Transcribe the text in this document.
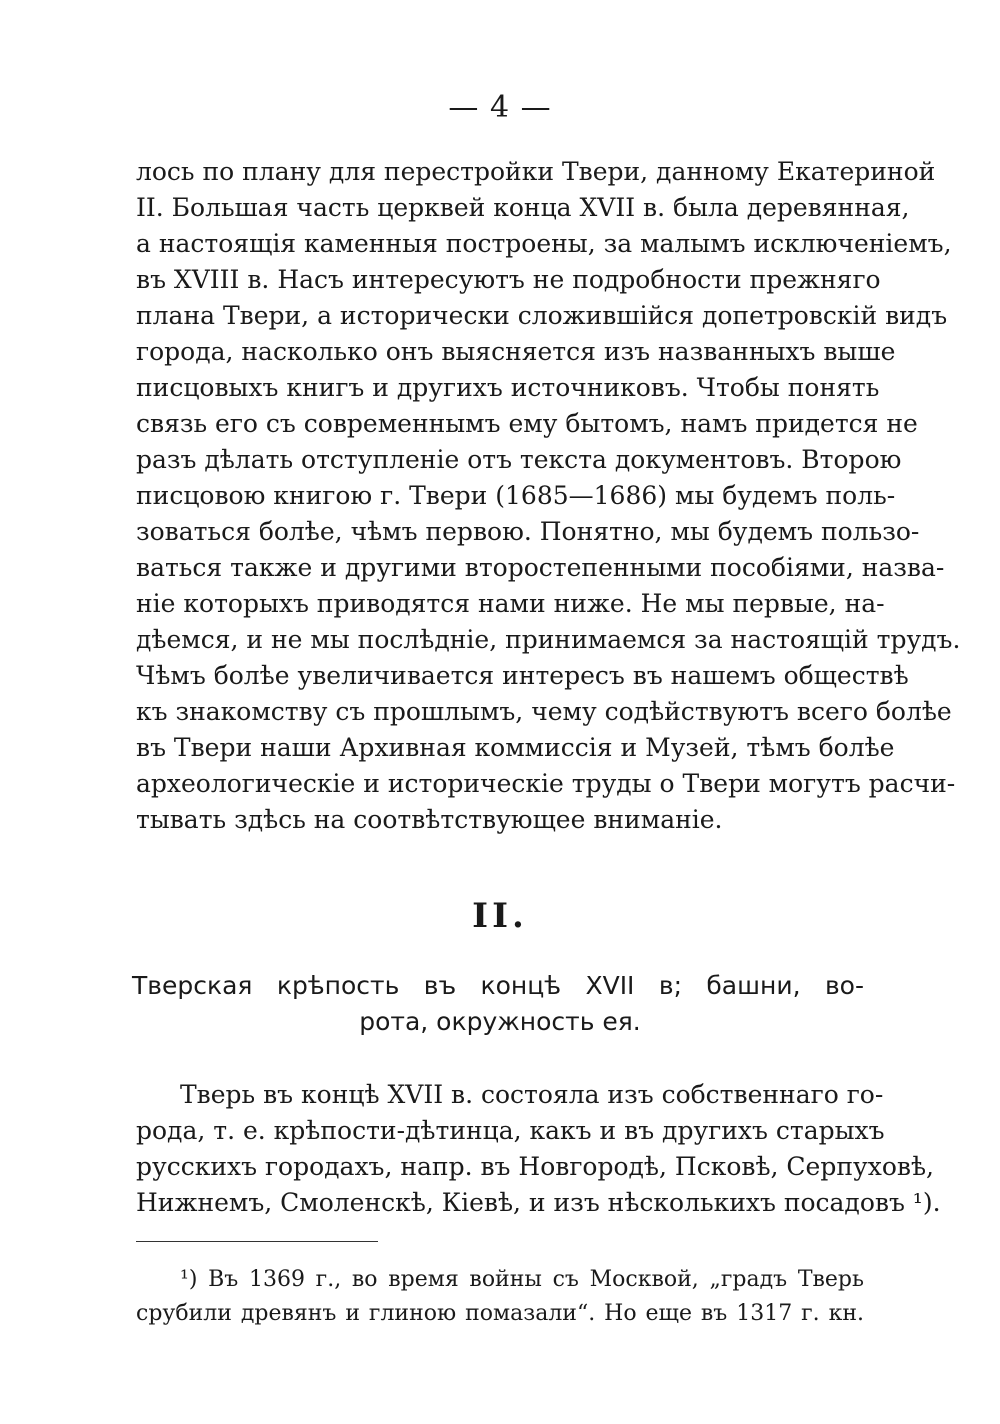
— 4 —
лось по плану для перестройки Твери, данному Екатериной
II. Большая часть церквей конца XVII в. была деревянная,
а настоящія каменныя построены, за малымъ исключеніемъ,
въ XVIII в. Насъ интересуютъ не подробности прежняго
плана Твери, а исторически сложившійся допетровскій видъ
города, насколько онъ выясняется изъ названныхъ выше
писцовыхъ книгъ и другихъ источниковъ. Чтобы понять
связь его съ современнымъ ему бытомъ, намъ придется не
разъ дѣлать отступленіе отъ текста документовъ. Второю
писцовою книгою г. Твери (1685—1686) мы будемъ поль-
зоваться болѣе, чѣмъ первою. Понятно, мы будемъ пользо-
ваться также и другими второстепенными пособіями, назва-
ніе которыхъ приводятся нами ниже. Не мы первые, на-
дѣемся, и не мы послѣдніе, принимаемся за настоящій трудъ.
Чѣмъ болѣе увеличивается интересъ въ нашемъ обществѣ
къ знакомству съ прошлымъ, чему содѣйствуютъ всего болѣе
въ Твери наши Архивная коммиссія и Музей, тѣмъ болѣе
археологическіе и историческіе труды о Твери могутъ расчи-
тывать здѣсь на соотвѣтствующее вниманіе.
II.
Тверская крѣпость въ концѣ XVII в; башни, во-
рота, окружность ея.
Тверь въ концѣ XVII в. состояла изъ собственнаго го-
рода, т. е. крѣпости-дѣтинца, какъ и въ другихъ старыхъ
русскихъ городахъ, напр. въ Новгородѣ, Псковѣ, Серпуховѣ,
Нижнемъ, Смоленскѣ, Кіевѣ, и изъ нѣсколькихъ посадовъ ¹).
¹) Въ 1369 г., во время войны съ Москвой, „градъ Тверь
срубили древянъ и глиною помазали“. Но еще въ 1317 г. кн.
